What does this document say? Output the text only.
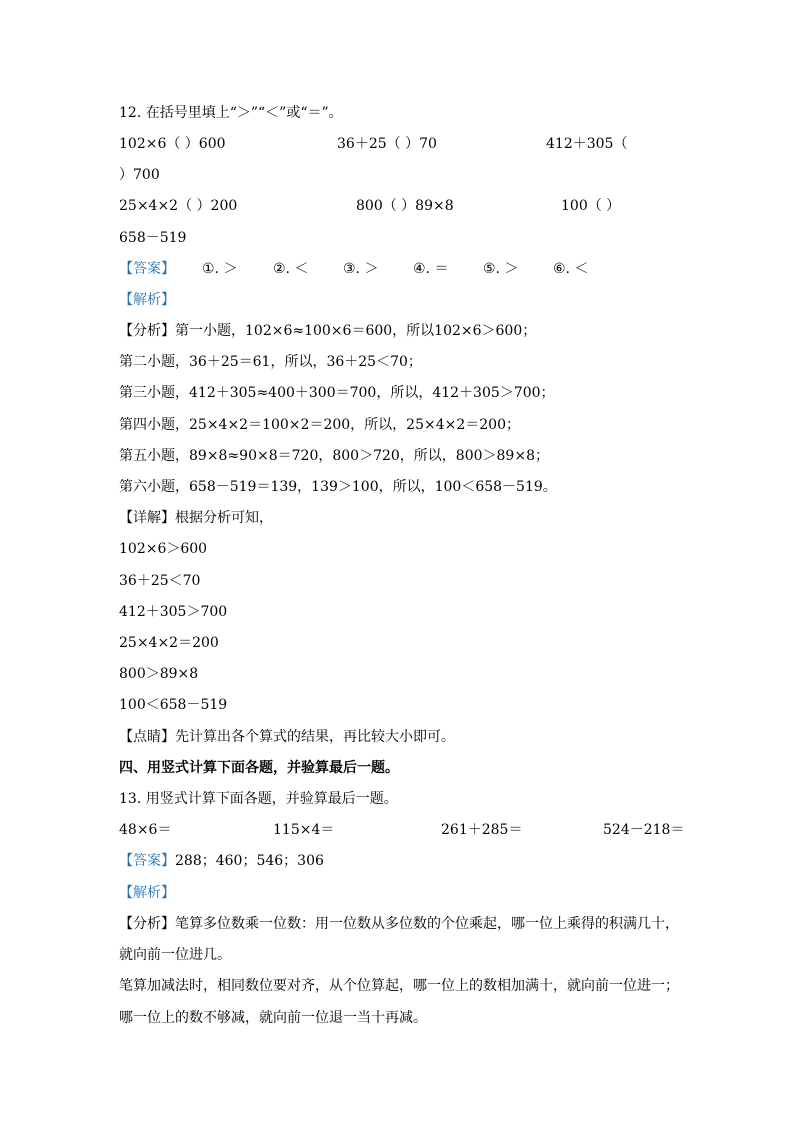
12. 在括号里填上“＞”“＜”或“＝”。
102×6（ ）600	36＋25（ ）70	412＋305（
）700
25×4×2（ ）200	800（ ）89×8	100（ ）
658－519
【答案】 ①. ＞	②. ＜ ③. ＞ ④. ＝ ⑤. ＞ ⑥. ＜
【解析】
【分析】第一小题，102×6≈100×6＝600，所以102×6＞600；
第二小题，36＋25＝61，所以，36＋25＜70；
第三小题，412＋305≈400＋300＝700，所以，412＋305＞700；
第四小题，25×4×2＝100×2＝200，所以，25×4×2＝200；
第五小题，89×8≈90×8＝720，800＞720，所以，800＞89×8；
第六小题，658－519＝139，139＞100，所以，100＜658－519。
【详解】根据分析可知，
102×6＞600
36＋25＜70
412＋305＞700
25×4×2＝200
800＞89×8
100＜658－519
【点睛】先计算出各个算式的结果，再比较大小即可。
四、用竖式计算下面各题，并验算最后一题。
13. 用竖式计算下面各题，并验算最后一题。
48×6＝	115×4＝	261＋285＝	524－218＝
【答案】288；460；546；306
【解析】
【分析】笔算多位数乘一位数：用一位数从多位数的个位乘起，哪一位上乘得的积满几十，
就向前一位进几。
笔算加减法时，相同数位要对齐，从个位算起，哪一位上的数相加满十，就向前一位进一；
哪一位上的数不够减，就向前一位退一当十再减。
